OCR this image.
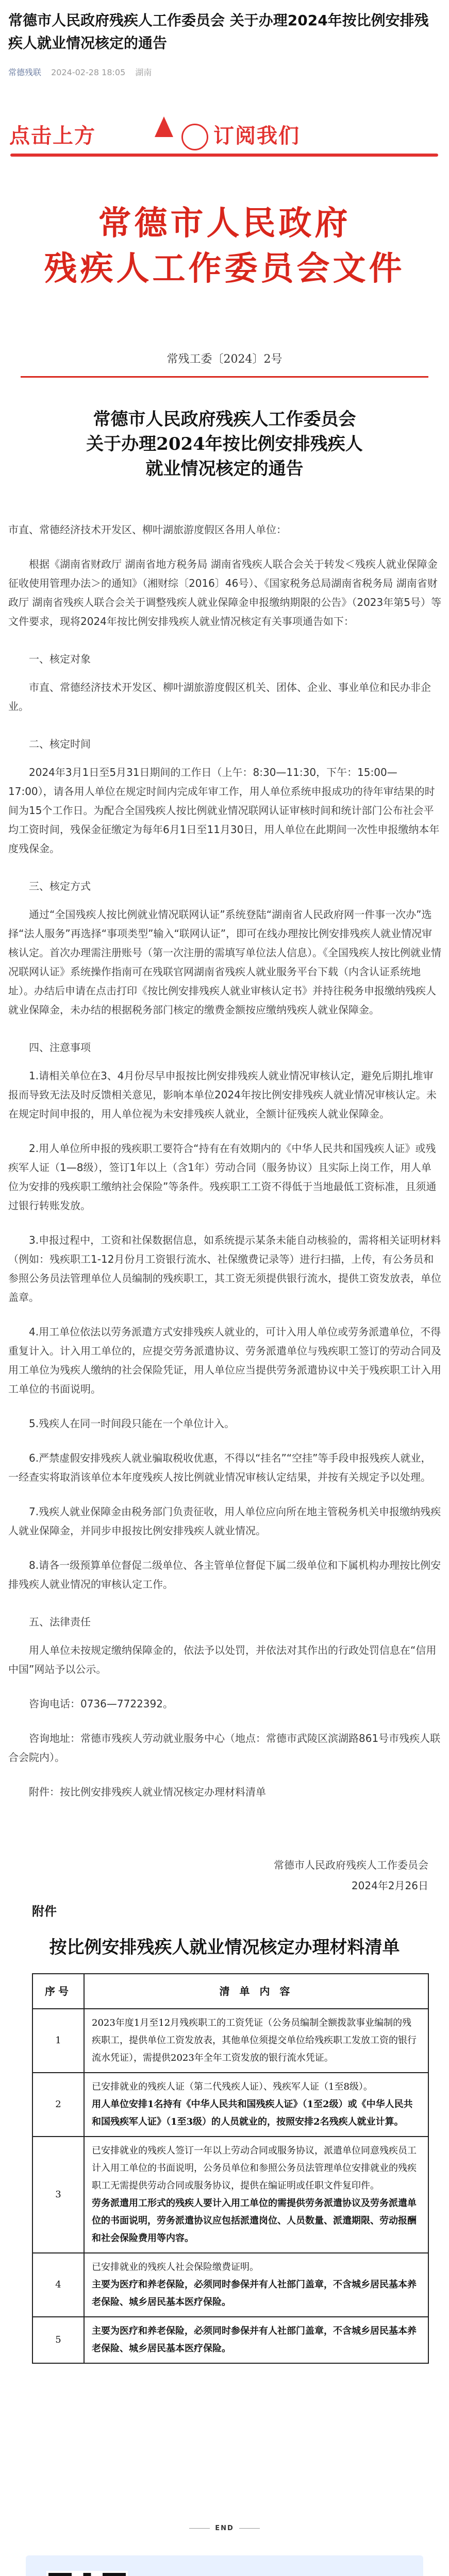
常德市人民政府残疾人工作委员会 关于办理2024年按比例安排残疾人就业情况核定的通告
常德残联 2024-02-28 18:05 湖南
点击上方	订阅我们
常德市人民政府
残疾人工作委员会文件
常残工委〔2024〕2号
常德市人民政府残疾人工作委员会
关于办理2024年按比例安排残疾人
就业情况核定的通告

市直、常德经济技术开发区、柳叶湖旅游度假区各用人单位：

根据《湖南省财政厅 湖南省地方税务局 湖南省残疾人联合会关于转发＜残疾人就业保障金征收使用管理办法＞的通知》（湘财综〔2016〕46号）、《国家税务总局湖南省税务局 湖南省财政厅 湖南省残疾人联合会关于调整残疾人就业保障金申报缴纳期限的公告》（2023年第5号）等文件要求，现将2024年按比例安排残疾人就业情况核定有关事项通告如下：

一、核定对象

市直、常德经济技术开发区、柳叶湖旅游度假区机关、团体、企业、事业单位和民办非企业。

二、核定时间

2024年3月1日至5月31日期间的工作日（上午：8:30—11:30，下午：15:00—17:00），请各用人单位在规定时间内完成年审工作，用人单位系统申报成功的待年审结果的时间为15个工作日。为配合全国残疾人按比例就业情况联网认证审核时间和统计部门公布社会平均工资时间，残保金征缴定为每年6月1日至11月30日，用人单位在此期间一次性申报缴纳本年度残保金。

三、核定方式

通过“全国残疾人按比例就业情况联网认证”系统登陆“湖南省人民政府网一件事一次办”选择“法人服务”再选择“事项类型”输入“联网认证”，即可在线办理按比例安排残疾人就业情况审核认定。首次办理需注册账号（第一次注册的需填写单位法人信息）。《全国残疾人按比例就业情况联网认证》系统操作指南可在残联官网湖南省残疾人就业服务平台下载（内含认证系统地址）。办结后申请在点击打印《按比例安排残疾人就业审核认定书》并持往税务申报缴纳残疾人就业保障金，未办结的根据税务部门核定的缴费金额按应缴纳残疾人就业保障金。

四、注意事项

1.请相关单位在3、4月份尽早申报按比例安排残疾人就业情况审核认定，避免后期扎堆审报而导致无法及时反馈相关意见，影响本单位2024年按比例安排残疾人就业情况审核认定。未在规定时间申报的，用人单位视为未安排残疾人就业，全额计征残疾人就业保障金。

2.用人单位所申报的残疾职工要符合“持有在有效期内的《中华人民共和国残疾人证》或残疾军人证（1—8级），签订1年以上（含1年）劳动合同（服务协议）且实际上岗工作，用人单位为安排的残疾职工缴纳社会保险”等条件。残疾职工工资不得低于当地最低工资标准，且须通过银行转账发放。

3.申报过程中，工资和社保数据信息，如系统提示某条未能自动核验的，需将相关证明材料（例如：残疾职工1-12月份月工资银行流水、社保缴费记录等）进行扫描，上传，有公务员和参照公务员法管理单位人员编制的残疾职工，其工资无须提供银行流水，提供工资发放表，单位盖章。

4.用工单位依法以劳务派遣方式安排残疾人就业的，可计入用人单位或劳务派遣单位，不得重复计入。计入用工单位的，应提交劳务派遣协议、劳务派遣单位与残疾职工签订的劳动合同及用工单位为残疾人缴纳的社会保险凭证，用人单位应当提供劳务派遣协议中关于残疾职工计入用工单位的书面说明。

5.残疾人在同一时间段只能在一个单位计入。

6.严禁虚假安排残疾人就业骗取税收优惠，不得以“挂名”“空挂”等手段申报残疾人就业，一经查实将取消该单位本年度残疾人按比例就业情况审核认定结果，并按有关规定予以处理。

7.残疾人就业保障金由税务部门负责征收，用人单位应向所在地主管税务机关申报缴纳残疾人就业保障金，并同步申报按比例安排残疾人就业情况。

8.请各一级预算单位督促二级单位、各主管单位督促下属二级单位和下属机构办理按比例安排残疾人就业情况的审核认定工作。

五、法律责任

用人单位未按规定缴纳保障金的，依法予以处罚，并依法对其作出的行政处罚信息在“信用中国”网站予以公示。

咨询电话：0736—7722392。

咨询地址：常德市残疾人劳动就业服务中心（地点：常德市武陵区滨湖路861号市残疾人联合会院内）。

附件：按比例安排残疾人就业情况核定办理材料清单

常德市人民政府残疾人工作委员会
2024年2月26日
附件
按比例安排残疾人就业情况核定办理材料清单
序号	清 单 内 容
1	2023年度1月至12月残疾职工的工资凭证（公务员编制全额拨款事业编制的残疾职工，提供单位工资发放表，其他单位须提交单位给残疾职工发放工资的银行流水凭证），需提供2023年全年工资发放的银行流水凭证。

2	已安排就业的残疾人证（第二代残疾人证）、残疾军人证（1至8级）。
用人单位安排1名持有《中华人民共和国残疾人证》（1至2级）或《中华人民共和国残疾军人证》（1至3级）的人员就业的，按照安排2名残疾人就业计算。

3	已安排就业的残疾人签订一年以上劳动合同或服务协议，派遣单位同意残疾员工计入用工单位的书面说明，公务员单位和参照公务员法管理单位安排就业的残疾职工无需提供劳动合同或服务协议，提供在编证明或任职文件复印件。
劳务派遣用工形式的残疾人要计入用工单位的需提供劳务派遣协议及劳务派遣单位的书面说明，劳务派遣协议应包括派遣岗位、人员数量、派遣期限、劳动报酬和社会保险费用等内容。

4	已安排就业的残疾人社会保险缴费证明。
主要为医疗和养老保险，必须同时参保并有人社部门盖章，不含城乡居民基本养老保险、城乡居民基本医疗保险。

5	主要为医疗和养老保险，必须同时参保并有人社部门盖章，不含城乡居民基本养老保险、城乡居民基本医疗保险。
END
